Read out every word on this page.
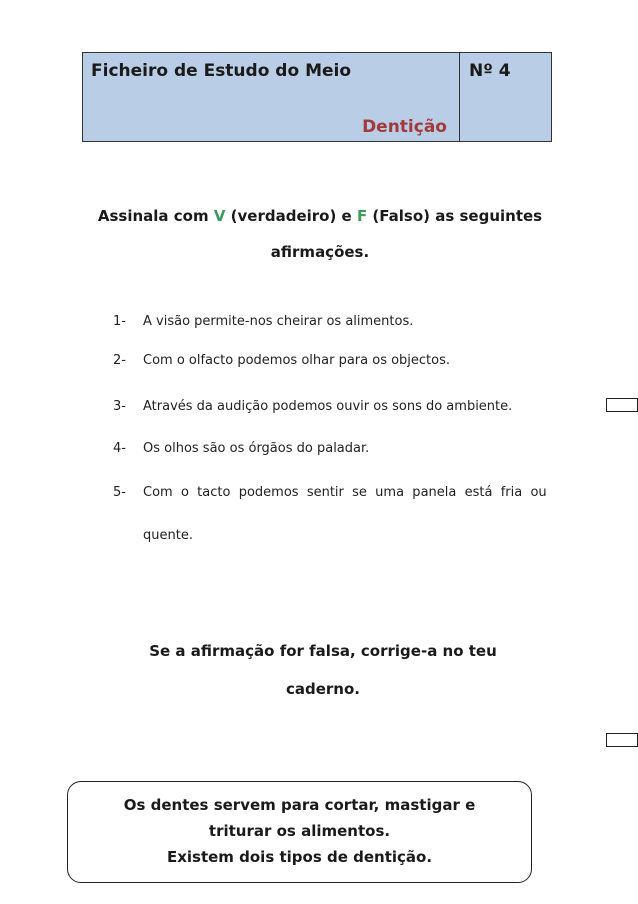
Ficheiro de Estudo do Meio	Nº 4
Dentição
Assinala com V (verdadeiro) e F (Falso) as seguintes
afirmações.
1- A visão permite-nos cheirar os alimentos.
2- Com o olfacto podemos olhar para os objectos.
3- Através da audição podemos ouvir os sons do ambiente.
4- Os olhos são os órgãos do paladar.
5- Com  o  tacto  podemos  sentir  se  uma  panela  está  fria  ou
quente.
Se a afirmação for falsa, corrige-a no teu
caderno.
Os dentes servem para cortar, mastigar e
triturar os alimentos.
Existem dois tipos de dentição.
